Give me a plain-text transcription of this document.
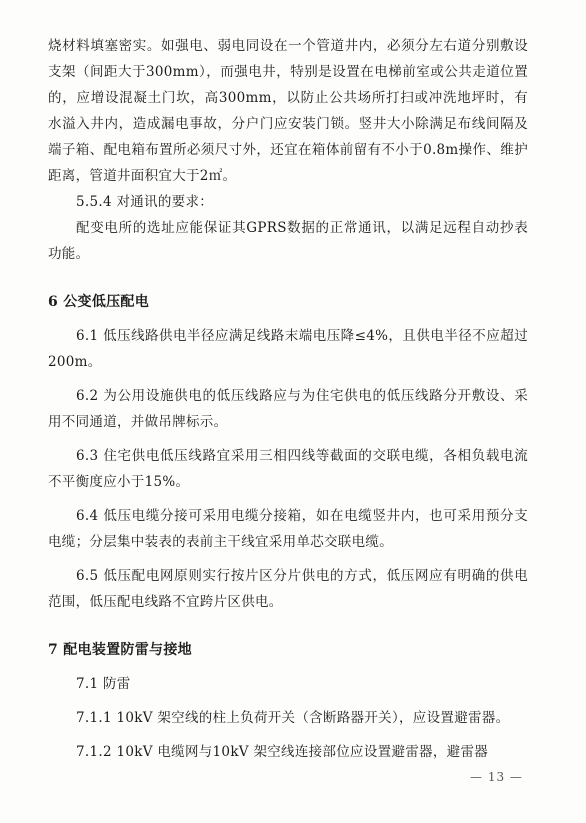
烧材料填塞密实。如强电、弱电同设在一个管道井内，必须分左右道分别敷设支架（间距大于300mm），而强电井，特别是设置在电梯前室或公共走道位置的，应增设混凝土门坎，高300mm，以防止公共场所打扫或冲洗地坪时，有水溢入井内，造成漏电事故，分户门应安装门锁。竖井大小除满足布线间隔及端子箱、配电箱布置所必须尺寸外，还宜在箱体前留有不小于0.8m操作、维护距离，管道井面积宜大于2㎡。

5.5.4 对通讯的要求：

配变电所的选址应能保证其GPRS数据的正常通讯，以满足远程自动抄表功能。

6 公变低压配电

6.1 低压线路供电半径应满足线路末端电压降≤4%，且供电半径不应超过200m。

6.2 为公用设施供电的低压线路应与为住宅供电的低压线路分开敷设、采用不同通道，并做吊牌标示。

6.3 住宅供电低压线路宜采用三相四线等截面的交联电缆，各相负载电流不平衡度应小于15%。

6.4 低压电缆分接可采用电缆分接箱，如在电缆竖井内，也可采用预分支电缆；分层集中装表的表前主干线宜采用单芯交联电缆。

6.5 低压配电网原则实行按片区分片供电的方式，低压网应有明确的供电范围，低压配电线路不宜跨片区供电。

7 配电装置防雷与接地

7.1 防雷

7.1.1 10kV 架空线的柱上负荷开关（含断路器开关），应设置避雷器。

7.1.2 10kV 电缆网与10kV 架空线连接部位应设置避雷器，避雷器

— 13 —
